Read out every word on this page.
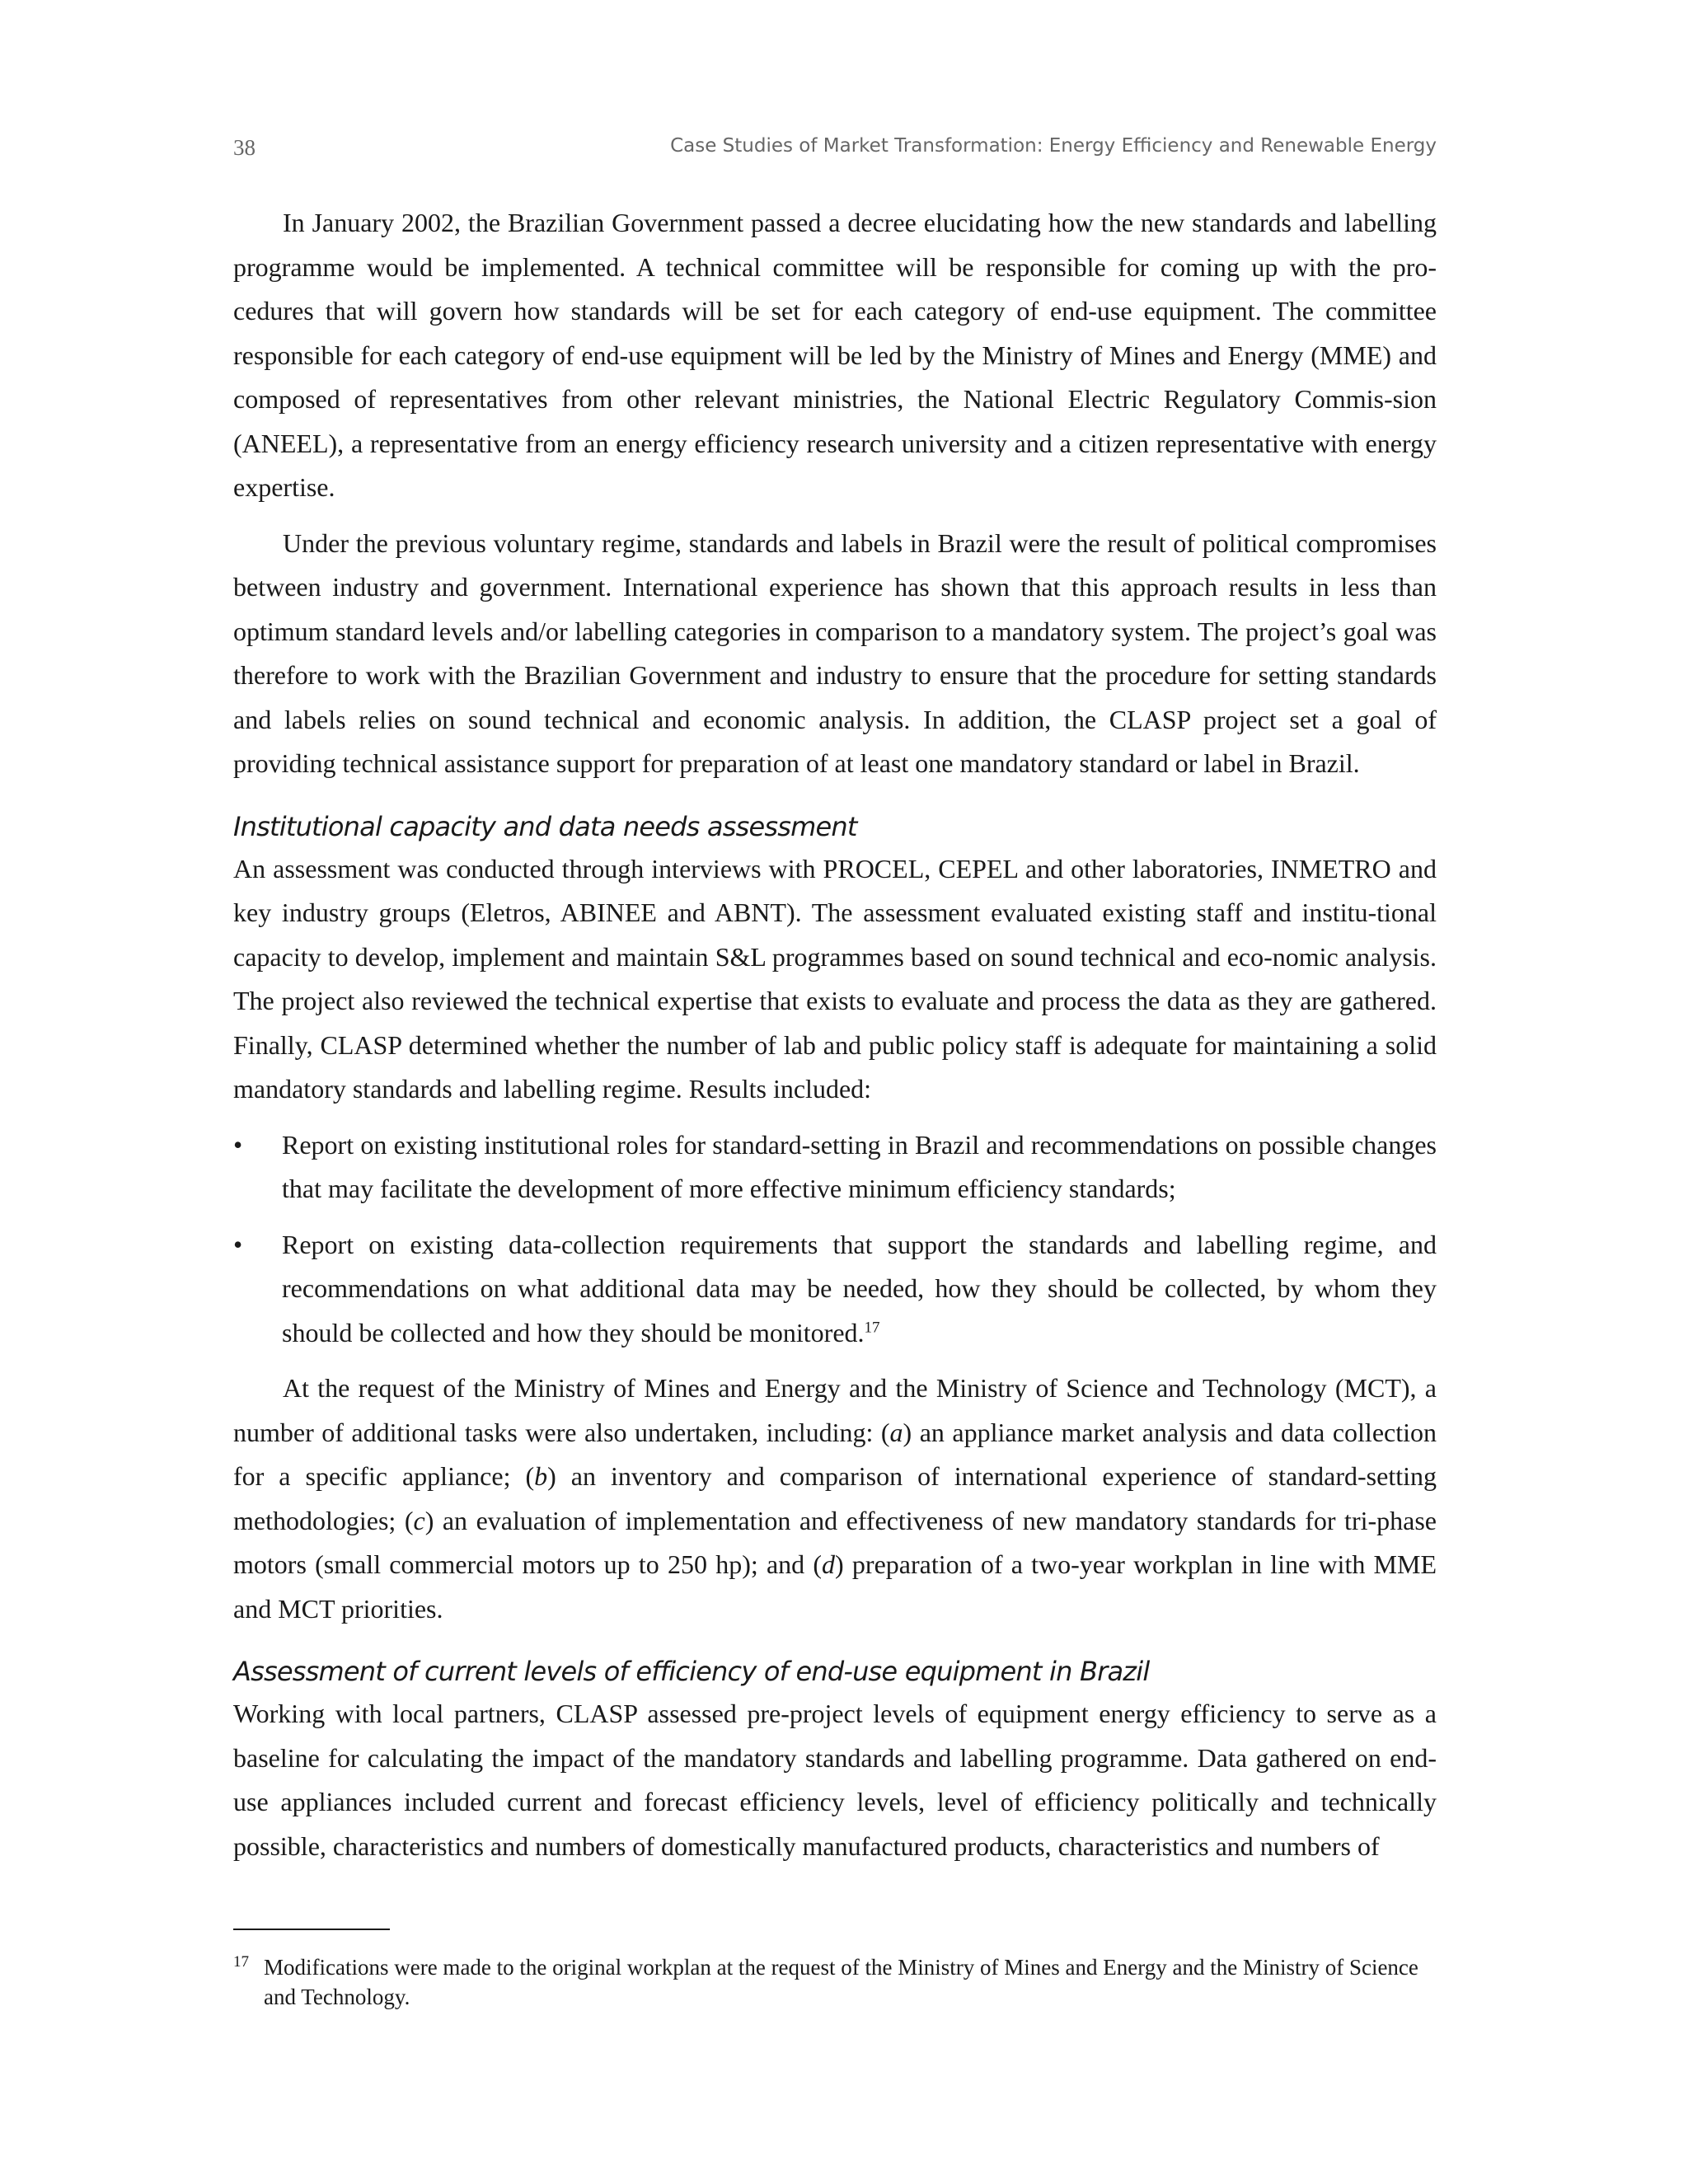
38	Case Studies of Market Transformation: Energy Efficiency and Renewable Energy

In January 2002, the Brazilian Government passed a decree elucidating how the new standards and labelling programme would be implemented. A technical committee will be responsible for coming up with the pro-cedures that will govern how standards will be set for each category of end-use equipment. The committee responsible for each category of end-use equipment will be led by the Ministry of Mines and Energy (MME) and composed of representatives from other relevant ministries, the National Electric Regulatory Commis-sion (ANEEL), a representative from an energy efficiency research university and a citizen representative with energy expertise.

Under the previous voluntary regime, standards and labels in Brazil were the result of political compromises between industry and government. International experience has shown that this approach results in less than optimum standard levels and/or labelling categories in comparison to a mandatory system. The project’s goal was therefore to work with the Brazilian Government and industry to ensure that the procedure for setting standards and labels relies on sound technical and economic analysis. In addition, the CLASP project set a goal of providing technical assistance support for preparation of at least one mandatory standard or label in Brazil.

Institutional capacity and data needs assessment

An assessment was conducted through interviews with PROCEL, CEPEL and other laboratories, INMETRO and key industry groups (Eletros, ABINEE and ABNT). The assessment evaluated existing staff and institu-tional capacity to develop, implement and maintain S&L programmes based on sound technical and eco-nomic analysis. The project also reviewed the technical expertise that exists to evaluate and process the data as they are gathered. Finally, CLASP determined whether the number of lab and public policy staff is adequate for maintaining a solid mandatory standards and labelling regime. Results included:

• Report on existing institutional roles for standard-setting in Brazil and recommendations on possible changes that may facilitate the development of more effective minimum efficiency standards;
• Report on existing data-collection requirements that support the standards and labelling regime, and recommendations on what additional data may be needed, how they should be collected, by whom they should be collected and how they should be monitored.$^{17}$

At the request of the Ministry of Mines and Energy and the Ministry of Science and Technology (MCT), a number of additional tasks were also undertaken, including: (a) an appliance market analysis and data collection for a specific appliance; (b) an inventory and comparison of international experience of standard-setting methodologies; (c) an evaluation of implementation and effectiveness of new mandatory standards for tri-phase motors (small commercial motors up to 250 hp); and (d) preparation of a two-year workplan in line with MME and MCT priorities.

Assessment of current levels of efficiency of end-use equipment in Brazil

Working with local partners, CLASP assessed pre-project levels of equipment energy efficiency to serve as a baseline for calculating the impact of the mandatory standards and labelling programme. Data gathered on end-use appliances included current and forecast efficiency levels, level of efficiency politically and technically possible, characteristics and numbers of domestically manufactured products, characteristics and numbers of

17 Modifications were made to the original workplan at the request of the Ministry of Mines and Energy and the Ministry of Science and Technology.
